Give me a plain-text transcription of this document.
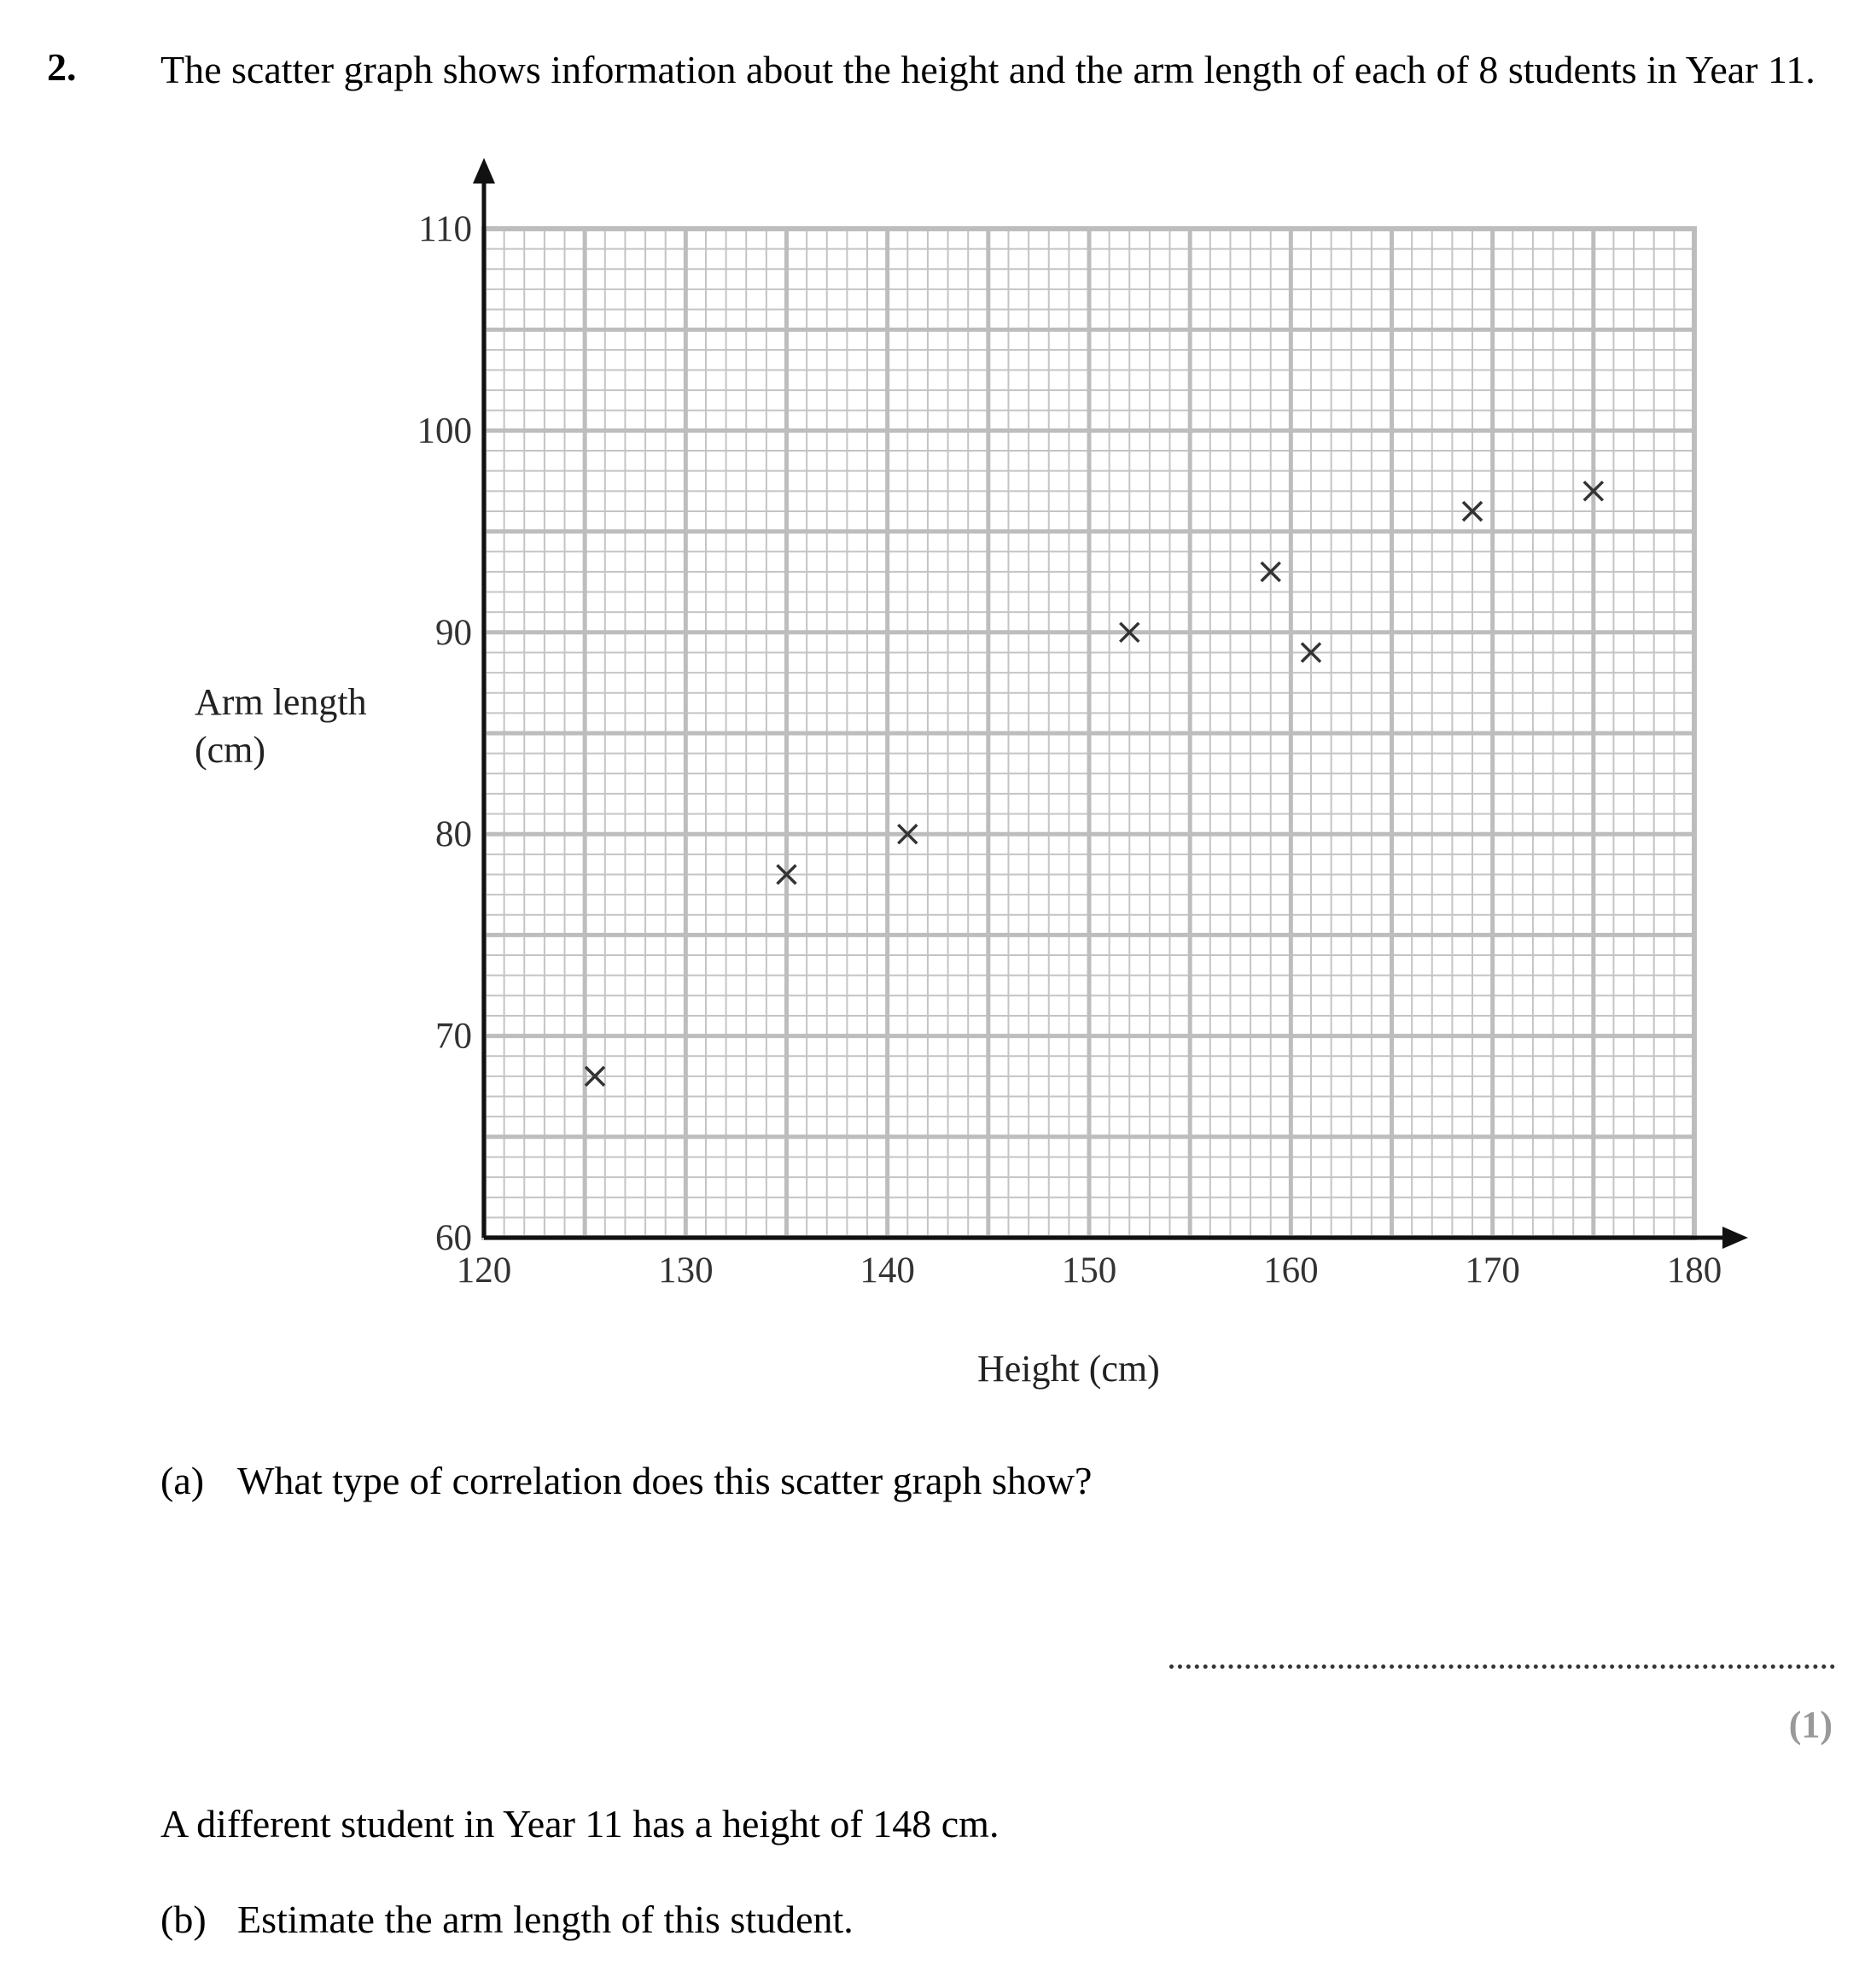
2. The scatter graph shows information about the height and the arm length of each of 8 students in Year 11.
60
70
80
90
100
110
120	130	140	150	160	170	180
Arm length
(cm)
Height (cm)
(a) What type of correlation does this scatter graph show?
(1)
A different student in Year 11 has a height of 148 cm.
(b) Estimate the arm length of this student.
